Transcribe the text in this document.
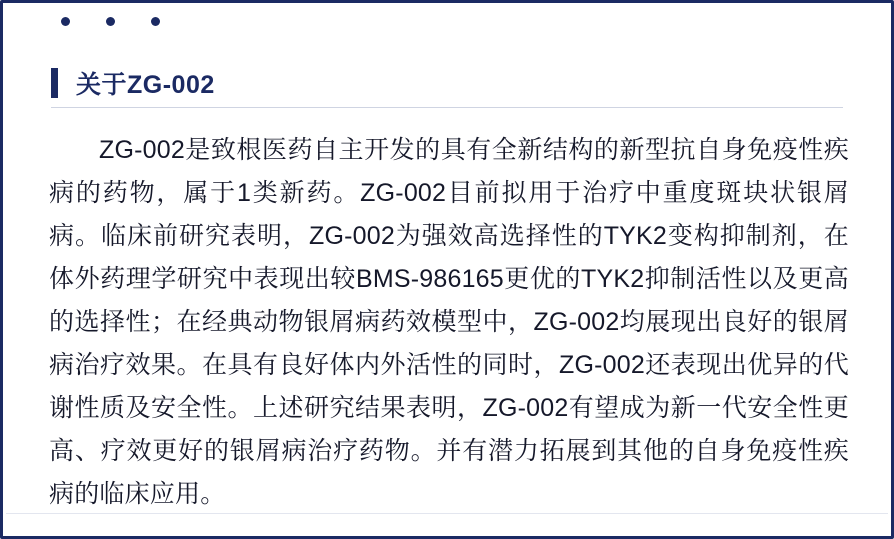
关于ZG-002
ZG-002是致根医药自主开发的具有全新结构的新型抗自身免疫性疾病的药物，属于1类新药。ZG-002目前拟用于治疗中重度斑块状银屑病。临床前研究表明，ZG-002为强效高选择性的TYK2变构抑制剂，在体外药理学研究中表现出较BMS-986165更优的TYK2抑制活性以及更高的选择性；在经典动物银屑病药效模型中，ZG-002均展现出良好的银屑病治疗效果。在具有良好体内外活性的同时，ZG-002还表现出优异的代谢性质及安全性。上述研究结果表明，ZG-002有望成为新一代安全性更高、疗效更好的银屑病治疗药物。并有潜力拓展到其他的自身免疫性疾病的临床应用。
